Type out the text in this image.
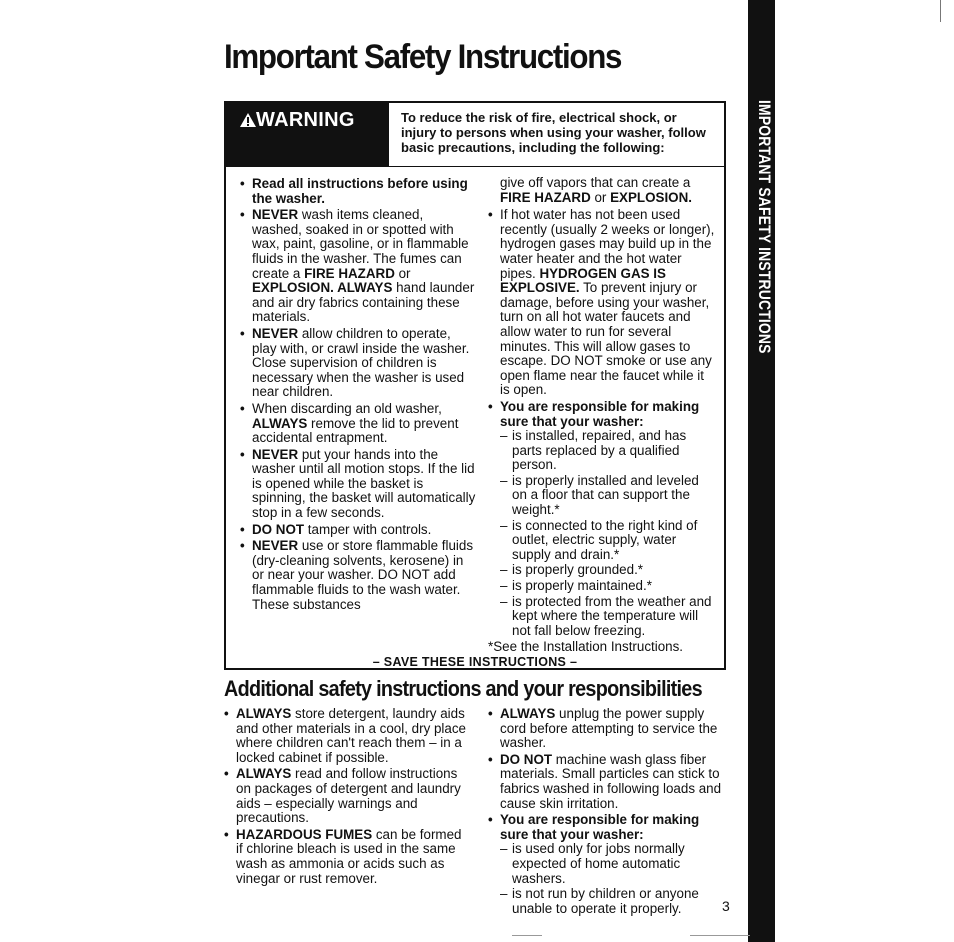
Important Safety Instructions
IMPORTANT SAFETY INSTRUCTIONS
WARNING	To reduce the risk of fire, electrical shock, or injury to persons when using your washer, follow basic precautions, including the following:
• Read all instructions before using the washer.
• NEVER wash items cleaned, washed, soaked in or spotted with wax, paint, gasoline, or in flammable fluids in the washer. The fumes can create a FIRE HAZARD or EXPLOSION. ALWAYS hand launder and air dry fabrics containing these materials.
• NEVER allow children to operate, play with, or crawl inside the washer. Close supervision of children is necessary when the washer is used near children.
• When discarding an old washer, ALWAYS remove the lid to prevent accidental entrapment.
• NEVER put your hands into the washer until all motion stops. If the lid is opened while the basket is spinning, the basket will automatically stop in a few seconds.
• DO NOT tamper with controls.
• NEVER use or store flammable fluids (dry-cleaning solvents, kerosene) in or near your washer. DO NOT add flammable fluids to the wash water. These substances
give off vapors that can create a FIRE HAZARD or EXPLOSION.
• If hot water has not been used recently (usually 2 weeks or longer), hydrogen gases may build up in the water heater and the hot water pipes. HYDROGEN GAS IS EXPLOSIVE. To prevent injury or damage, before using your washer, turn on all hot water faucets and allow water to run for several minutes. This will allow gases to escape. DO NOT smoke or use any open flame near the faucet while it is open.
• You are responsible for making sure that your washer:
– is installed, repaired, and has parts replaced by a qualified person.
– is properly installed and leveled on a floor that can support the weight.*
– is connected to the right kind of outlet, electric supply, water supply and drain.*
– is properly grounded.*
– is properly maintained.*
– is protected from the weather and kept where the temperature will not fall below freezing.
*See the Installation Instructions.
– SAVE THESE INSTRUCTIONS –
Additional safety instructions and your responsibilities
• ALWAYS store detergent, laundry aids and other materials in a cool, dry place where children can't reach them – in a locked cabinet if possible.
• ALWAYS read and follow instructions on packages of detergent and laundry aids – especially warnings and precautions.
• HAZARDOUS FUMES can be formed if chlorine bleach is used in the same wash as ammonia or acids such as vinegar or rust remover.
• ALWAYS unplug the power supply cord before attempting to service the washer.
• DO NOT machine wash glass fiber materials. Small particles can stick to fabrics washed in following loads and cause skin irritation.
• You are responsible for making sure that your washer:
– is used only for jobs normally expected of home automatic washers.
– is not run by children or anyone unable to operate it properly.	3
